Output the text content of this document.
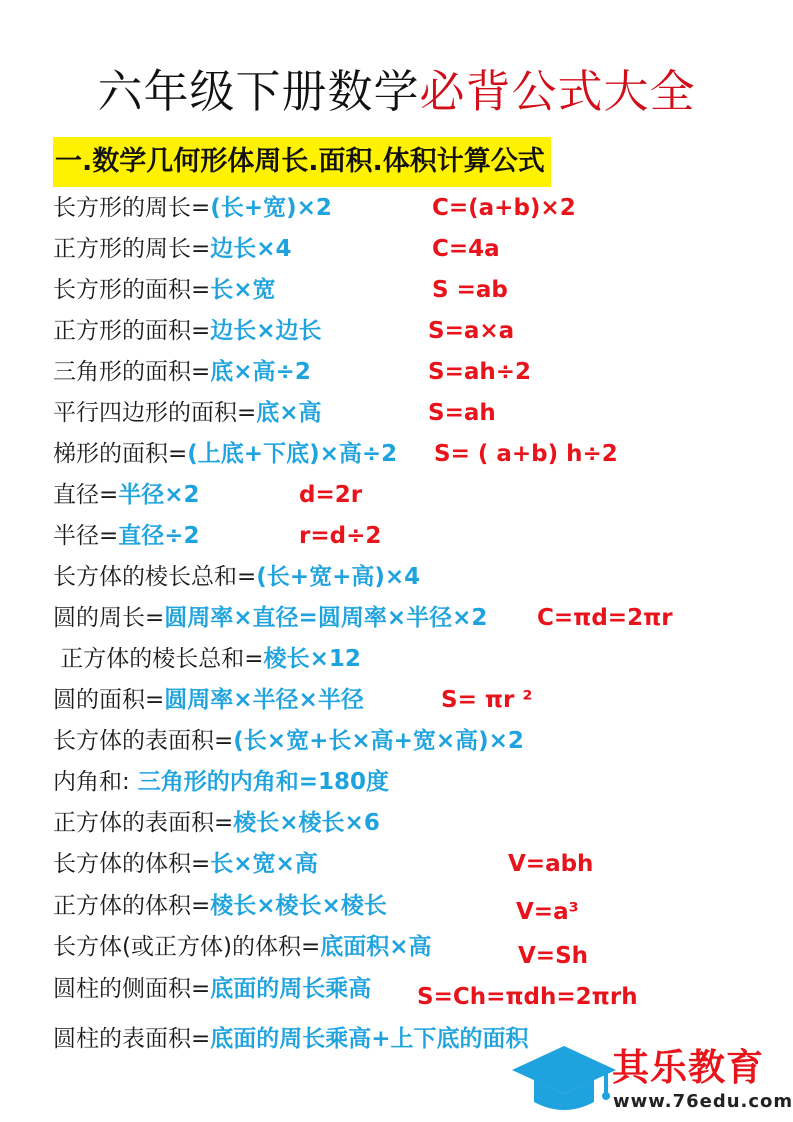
六年级下册数学必背公式大全
一.数学几何形体周长.面积.体积计算公式
长方形的周长=(长+宽)×2	C=(a+b)×2
正方形的周长=边长×4	C=4a
长方形的面积=长×宽	S =ab
正方形的面积=边长×边长	S=a×a
三角形的面积=底×高÷2	S=ah÷2
平行四边形的面积=底×高	S=ah
梯形的面积=(上底+下底)×高÷2 S= ( a+b) h÷2
直径=半径×2	d=2r
半径=直径÷2	r=d÷2
长方体的棱长总和=(长+宽+高)×4
圆的周长=圆周率×直径=圆周率×半径×2 C=πd=2πr
正方体的棱长总和=棱长×12
圆的面积=圆周率×半径×半径	S= πr ²
长方体的表面积=(长×宽+长×高+宽×高)×2
内角和: 三角形的内角和=180度
正方体的表面积=棱长×棱长×6
长方体的体积=长×宽×高	V=abh
正方体的体积=棱长×棱长×棱长	V=a³
长方体(或正方体)的体积=底面积×高	V=Sh
圆柱的侧面积=底面的周长乘高 S=Ch=πdh=2πrh
圆柱的表面积=底面的周长乘高+上下底的面积
其乐教育
www.76edu.com
